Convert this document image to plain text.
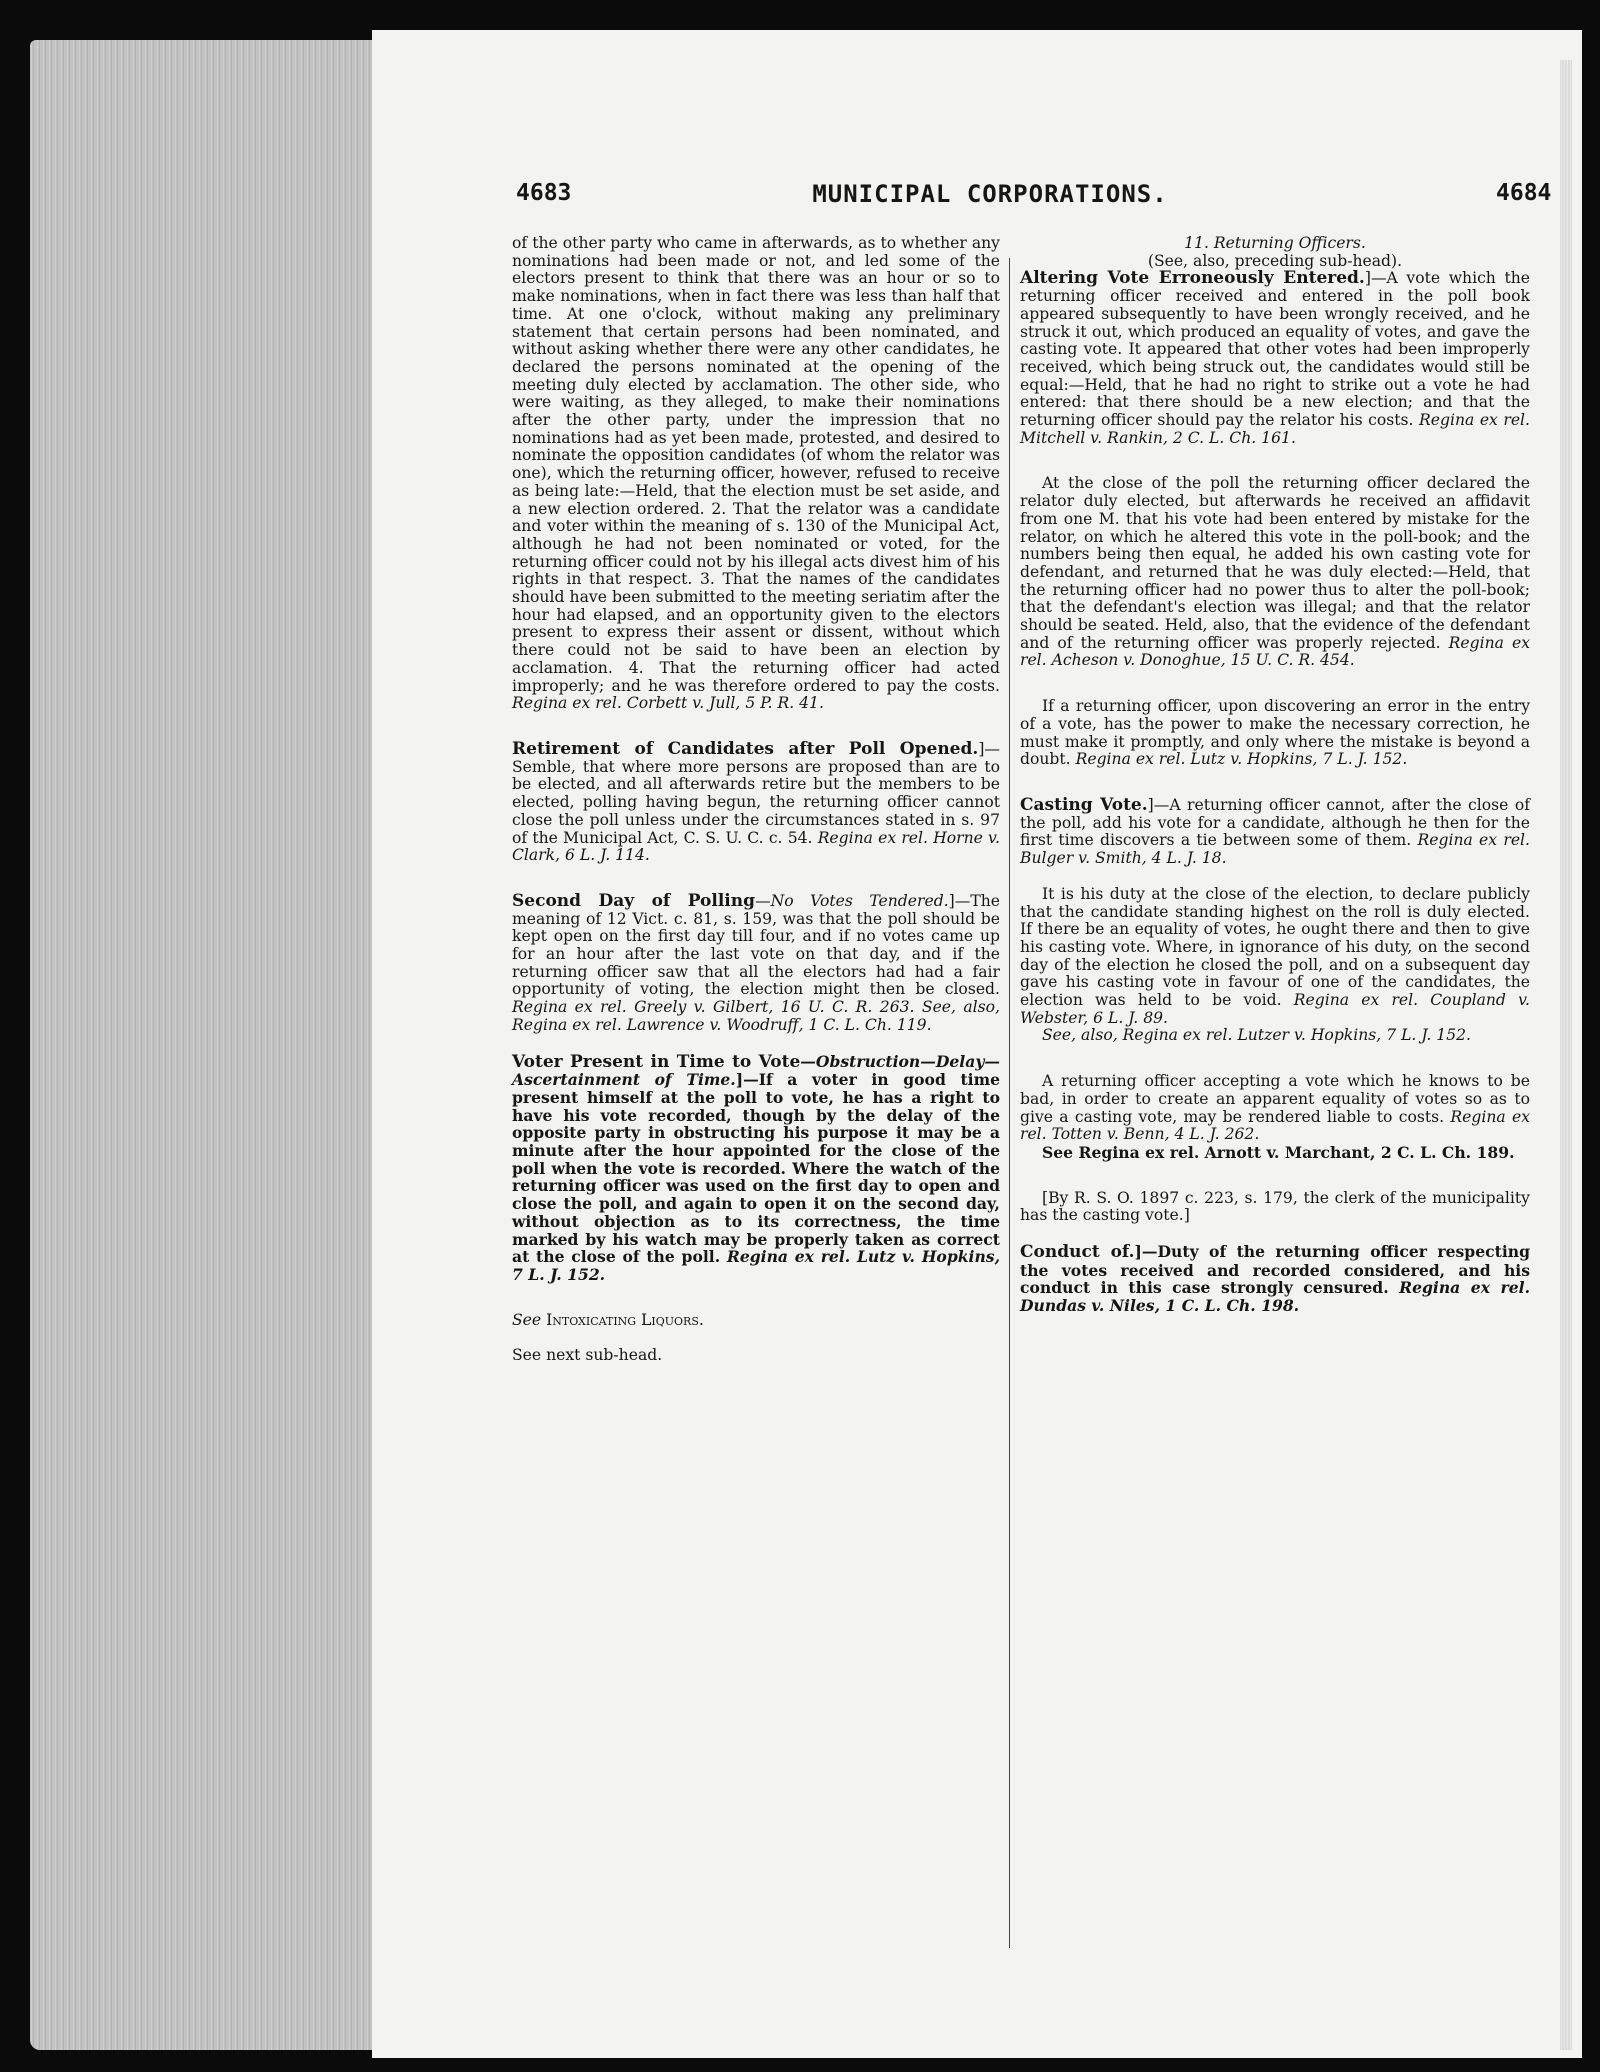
4683	MUNICIPAL CORPORATIONS.	4684

of the other party who came in afterwards, as to whether any nominations had been made or not, and led some of the electors present to think that there was an hour or so to make nominations, when in fact there was less than half that time. At one o'clock, without making any preliminary statement that certain persons had been nominated, and without asking whether there were any other candidates, he declared the persons nominated at the opening of the meeting duly elected by acclamation. The other side, who were waiting, as they alleged, to make their nominations after the other party, under the impression that no nominations had as yet been made, protested, and desired to nominate the opposition candidates (of whom the relator was one), which the returning officer, however, refused to receive as being late:—Held, that the election must be set aside, and a new election ordered. 2. That the relator was a candidate and voter within the meaning of s. 130 of the Municipal Act, although he had not been nominated or voted, for the returning officer could not by his illegal acts divest him of his rights in that respect. 3. That the names of the candidates should have been submitted to the meeting seriatim after the hour had elapsed, and an opportunity given to the electors present to express their assent or dissent, without which there could not be said to have been an election by acclamation. 4. That the returning officer had acted improperly; and he was therefore ordered to pay the costs. Regina ex rel. Corbett v. Jull, 5 P. R. 41.

Retirement of Candidates after Poll Opened.]—Semble, that where more persons are proposed than are to be elected, and all afterwards retire but the members to be elected, polling having begun, the returning officer cannot close the poll unless under the circumstances stated in s. 97 of the Municipal Act, C. S. U. C. c. 54. Regina ex rel. Horne v. Clark, 6 L. J. 114.

Second Day of Polling—No Votes Tendered.]—The meaning of 12 Vict. c. 81, s. 159, was that the poll should be kept open on the first day till four, and if no votes came up for an hour after the last vote on that day, and if the returning officer saw that all the electors had had a fair opportunity of voting, the election might then be closed. Regina ex rel. Greely v. Gilbert, 16 U. C. R. 263. See, also, Regina ex rel. Lawrence v. Woodruff, 1 C. L. Ch. 119.

Voter Present in Time to Vote—Obstruction—Delay—Ascertainment of Time.]—If a voter in good time present himself at the poll to vote, he has a right to have his vote recorded, though by the delay of the opposite party in obstructing his purpose it may be a minute after the hour appointed for the close of the poll when the vote is recorded. Where the watch of the returning officer was used on the first day to open and close the poll, and again to open it on the second day, without objection as to its correctness, the time marked by his watch may be properly taken as correct at the close of the poll. Regina ex rel. Lutz v. Hopkins, 7 L. J. 152.

See Intoxicating Liquors.

See next sub-head.

11. Returning Officers.

(See, also, preceding sub-head).

Altering Vote Erroneously Entered.]—A vote which the returning officer received and entered in the poll book appeared subsequently to have been wrongly received, and he struck it out, which produced an equality of votes, and gave the casting vote. It appeared that other votes had been improperly received, which being struck out, the candidates would still be equal:—Held, that he had no right to strike out a vote he had entered: that there should be a new election; and that the returning officer should pay the relator his costs. Regina ex rel. Mitchell v. Rankin, 2 C. L. Ch. 161.

At the close of the poll the returning officer declared the relator duly elected, but afterwards he received an affidavit from one M. that his vote had been entered by mistake for the relator, on which he altered this vote in the poll-book; and the numbers being then equal, he added his own casting vote for defendant, and returned that he was duly elected:—Held, that the returning officer had no power thus to alter the poll-book; that the defendant's election was illegal; and that the relator should be seated. Held, also, that the evidence of the defendant and of the returning officer was properly rejected. Regina ex rel. Acheson v. Donoghue, 15 U. C. R. 454.

If a returning officer, upon discovering an error in the entry of a vote, has the power to make the necessary correction, he must make it promptly, and only where the mistake is beyond a doubt. Regina ex rel. Lutz v. Hopkins, 7 L. J. 152.

Casting Vote.]—A returning officer cannot, after the close of the poll, add his vote for a candidate, although he then for the first time discovers a tie between some of them. Regina ex rel. Bulger v. Smith, 4 L. J. 18.

It is his duty at the close of the election, to declare publicly that the candidate standing highest on the roll is duly elected. If there be an equality of votes, he ought there and then to give his casting vote. Where, in ignorance of his duty, on the second day of the election he closed the poll, and on a subsequent day gave his casting vote in favour of one of the candidates, the election was held to be void. Regina ex rel. Coupland v. Webster, 6 L. J. 89.

See, also, Regina ex rel. Lutzer v. Hopkins, 7 L. J. 152.

A returning officer accepting a vote which he knows to be bad, in order to create an apparent equality of votes so as to give a casting vote, may be rendered liable to costs. Regina ex rel. Totten v. Benn, 4 L. J. 262.

See Regina ex rel. Arnott v. Marchant, 2 C. L. Ch. 189.

[By R. S. O. 1897 c. 223, s. 179, the clerk of the municipality has the casting vote.]

Conduct of.]—Duty of the returning officer respecting the votes received and recorded considered, and his conduct in this case strongly censured. Regina ex rel. Dundas v. Niles, 1 C. L. Ch. 198.
